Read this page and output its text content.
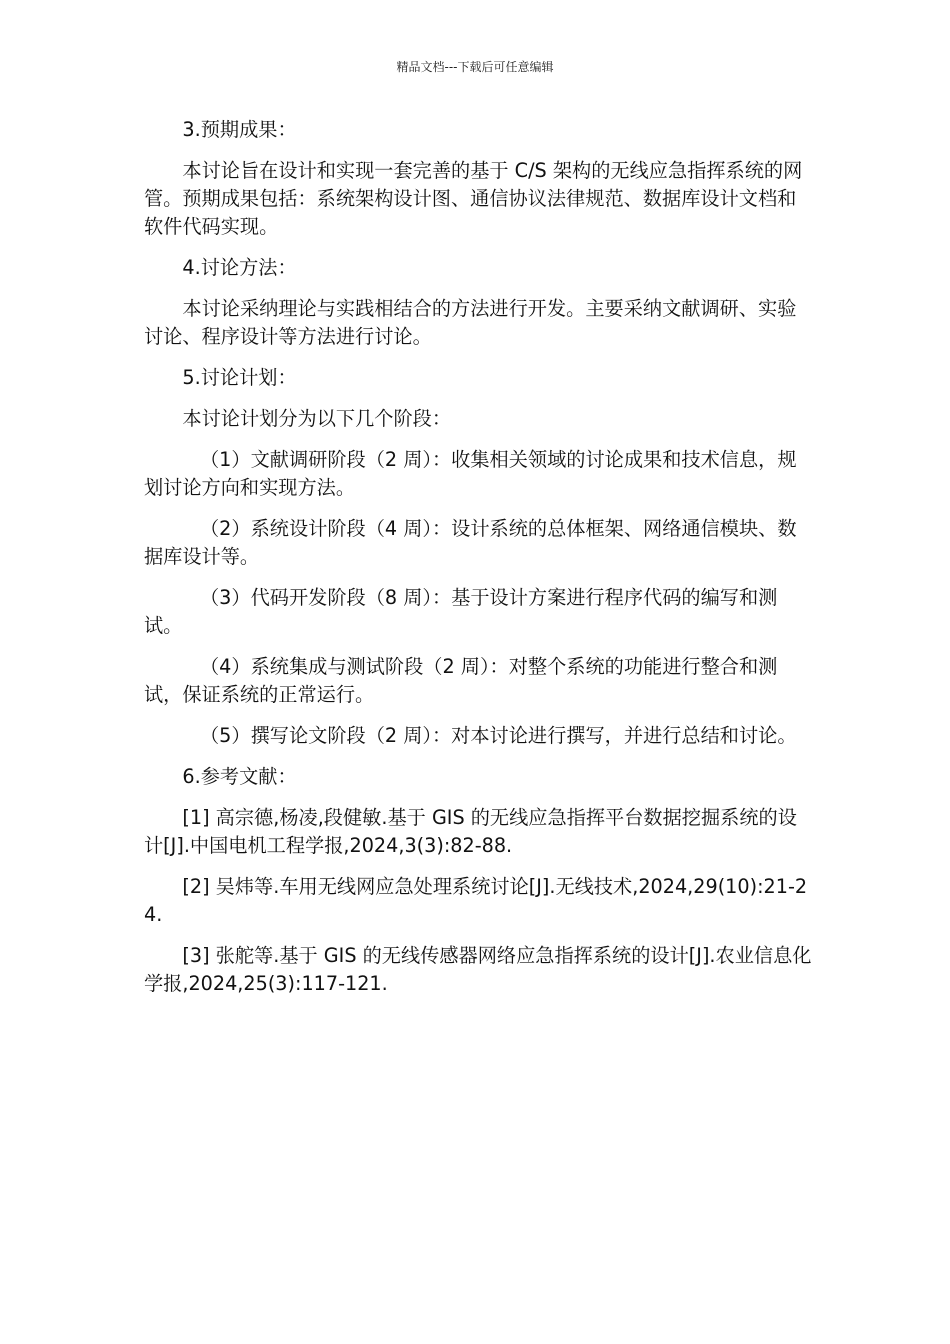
精品文档---下载后可任意编辑

3.预期成果：

本讨论旨在设计和实现一套完善的基于 C/S 架构的无线应急指挥系统的网管。预期成果包括：系统架构设计图、通信协议法律规范、数据库设计文档和软件代码实现。

4.讨论方法：

本讨论采纳理论与实践相结合的方法进行开发。主要采纳文献调研、实验讨论、程序设计等方法进行讨论。

5.讨论计划：

本讨论计划分为以下几个阶段：

（1）文献调研阶段（2 周）：收集相关领域的讨论成果和技术信息，规划讨论方向和实现方法。

（2）系统设计阶段（4 周）：设计系统的总体框架、网络通信模块、数据库设计等。

（3）代码开发阶段（8 周）：基于设计方案进行程序代码的编写和测试。

（4）系统集成与测试阶段（2 周）：对整个系统的功能进行整合和测试，保证系统的正常运行。

（5）撰写论文阶段（2 周）：对本讨论进行撰写，并进行总结和讨论。

6.参考文献：

[1] 高宗德,杨凌,段健敏.基于 GIS 的无线应急指挥平台数据挖掘系统的设计[J].中国电机工程学报,2024,3(3):82-88.

[2] 吴炜等.车用无线网应急处理系统讨论[J].无线技术,2024,29(10):21-24.

[3] 张舵等.基于 GIS 的无线传感器网络应急指挥系统的设计[J].农业信息化学报,2024,25(3):117-121.
